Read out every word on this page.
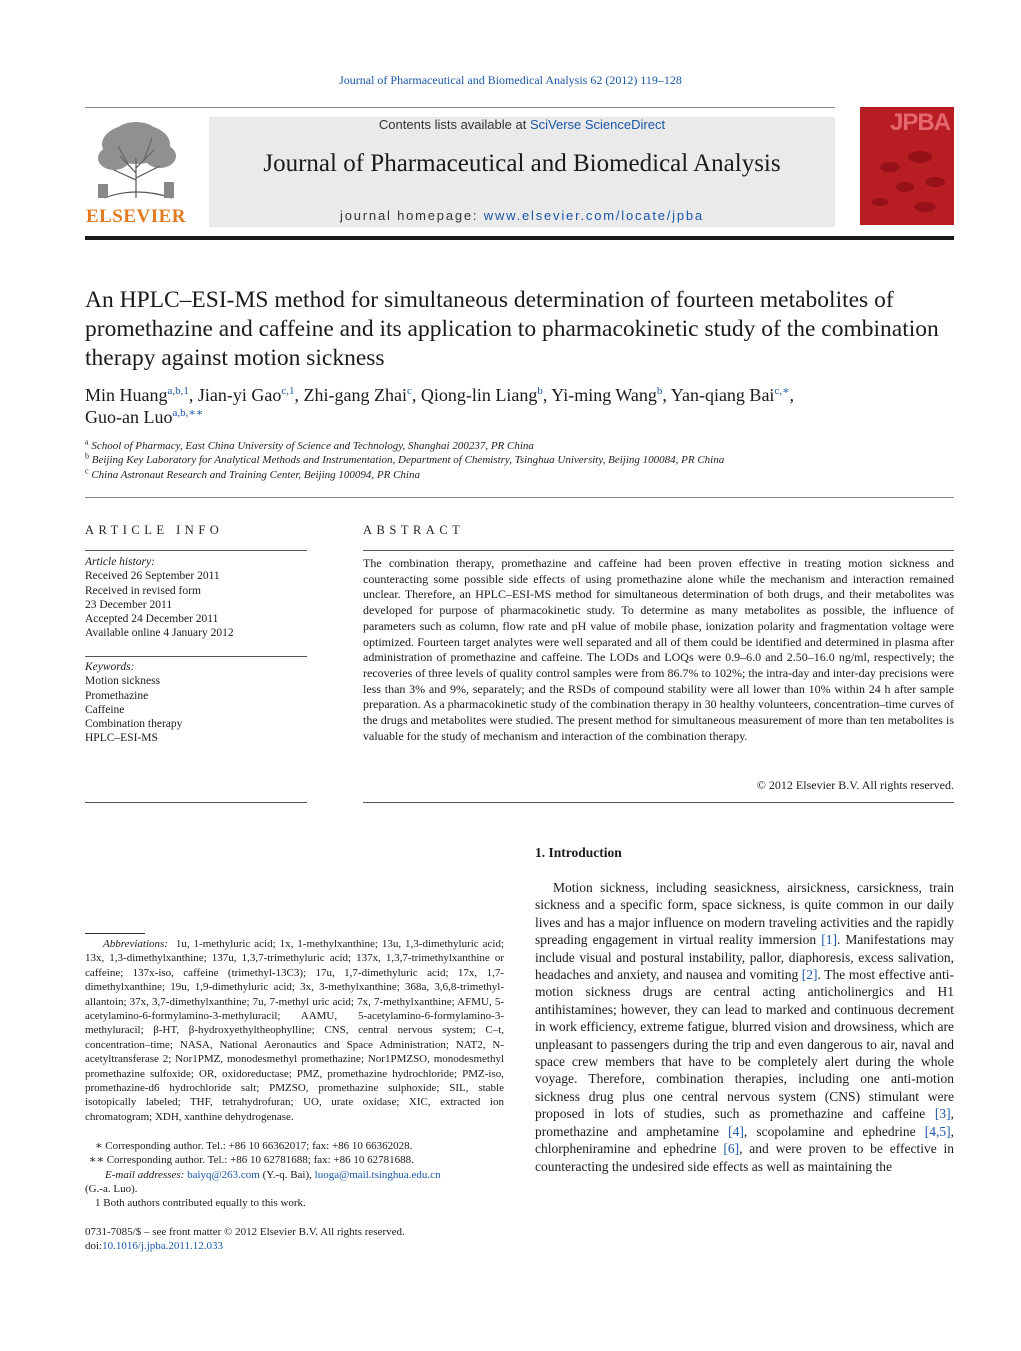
Journal of Pharmaceutical and Biomedical Analysis 62 (2012) 119–128
ELSEVIER
Contents lists available at SciVerse ScienceDirect
Journal of Pharmaceutical and Biomedical Analysis
journal homepage: www.elsevier.com/locate/jpba
JPBA
An HPLC–ESI-MS method for simultaneous determination of fourteen metabolites of promethazine and caffeine and its application to pharmacokinetic study of the combination therapy against motion sickness
Min Huang$^{a,b,1}$, Jian-yi Gao$^{c,1}$, Zhi-gang Zhai$^c$, Qiong-lin Liang$^b$, Yi-ming Wang$^b$, Yan-qiang Bai$^{c,∗}$,
Guo-an Luo$^{a,b,∗∗}$
$^a$ School of Pharmacy, East China University of Science and Technology, Shanghai 200237, PR China
$^b$ Beijing Key Laboratory for Analytical Methods and Instrumentation, Department of Chemistry, Tsinghua University, Beijing 100084, PR China
$^c$ China Astronaut Research and Training Center, Beijing 100094, PR China
ARTICLE INFO
Article history:
Received 26 September 2011
Received in revised form
23 December 2011
Accepted 24 December 2011
Available online 4 January 2012
Keywords:
Motion sickness
Promethazine
Caffeine
Combination therapy
HPLC–ESI-MS
ABSTRACT
The combination therapy, promethazine and caffeine had been proven effective in treating motion sickness and counteracting some possible side effects of using promethazine alone while the mechanism and interaction remained unclear. Therefore, an HPLC–ESI-MS method for simultaneous determination of both drugs, and their metabolites was developed for purpose of pharmacokinetic study. To determine as many metabolites as possible, the influence of parameters such as column, flow rate and pH value of mobile phase, ionization polarity and fragmentation voltage were optimized. Fourteen target analytes were well separated and all of them could be identified and determined in plasma after administration of promethazine and caffeine. The LODs and LOQs were 0.9–6.0 and 2.50–16.0 ng/ml, respectively; the recoveries of three levels of quality control samples were from 86.7% to 102%; the intra-day and inter-day precisions were less than 3% and 9%, separately; and the RSDs of compound stability were all lower than 10% within 24 h after sample preparation. As a pharmacokinetic study of the combination therapy in 30 healthy volunteers, concentration–time curves of the drugs and metabolites were studied. The present method for simultaneous measurement of more than ten metabolites is valuable for the study of mechanism and interaction of the combination therapy.
© 2012 Elsevier B.V. All rights reserved.
1. Introduction
Motion sickness, including seasickness, airsickness, carsickness, train sickness and a specific form, space sickness, is quite common in our daily lives and has a major influence on modern traveling activities and the rapidly spreading engagement in virtual reality immersion [1]. Manifestations may include visual and postural instability, pallor, diaphoresis, excess salivation, headaches and anxiety, and nausea and vomiting [2]. The most effective anti-motion sickness drugs are central acting anticholinergics and H1 antihistamines; however, they can lead to marked and continuous decrement in work efficiency, extreme fatigue, blurred vision and drowsiness, which are unpleasant to passengers during the trip and even dangerous to air, naval and space crew members that have to be completely alert during the whole voyage. Therefore, combination therapies, including one anti-motion sickness drug plus one central nervous system (CNS) stimulant were proposed in lots of studies, such as promethazine and caffeine [3], promethazine and amphetamine [4], scopolamine and ephedrine [4,5], chlorpheniramine and ephedrine [6], and were proven to be effective in counteracting the undesired side effects as well as maintaining the
Abbreviations: 1u, 1-methyluric acid; 1x, 1-methylxanthine; 13u, 1,3-dimethyluric acid; 13x, 1,3-dimethylxanthine; 137u, 1,3,7-trimethyluric acid; 137x, 1,3,7-trimethylxanthine or caffeine; 137x-iso, caffeine (trimethyl-13C3); 17u, 1,7-dimethyluric acid; 17x, 1,7-dimethylxanthine; 19u, 1,9-dimethyluric acid; 3x, 3-methylxanthine; 368a, 3,6,8-trimethyl-allantoin; 37x, 3,7-dimethylxanthine; 7u, 7-methyl uric acid; 7x, 7-methylxanthine; AFMU, 5-acetylamino-6-formylamino-3-methyluracil; AAMU, 5-acetylamino-6-formylamino-3-methyluracil; β-HT, β-hydroxyethyltheophylline; CNS, central nervous system; C–t, concentration–time; NASA, National Aeronautics and Space Administration; NAT2, N-acetyltransferase 2; Nor1PMZ, monodesmethyl promethazine; Nor1PMZSO, monodesmethyl promethazine sulfoxide; OR, oxidoreductase; PMZ, promethazine hydrochloride; PMZ-iso, promethazine-d6 hydrochloride salt; PMZSO, promethazine sulphoxide; SIL, stable isotopically labeled; THF, tetrahydrofuran; UO, urate oxidase; XIC, extracted ion chromatogram; XDH, xanthine dehydrogenase.
∗ Corresponding author. Tel.: +86 10 66362017; fax: +86 10 66362028.
∗∗ Corresponding author. Tel.: +86 10 62781688; fax: +86 10 62781688.
E-mail addresses: baiyq@263.com (Y.-q. Bai), luoga@mail.tsinghua.edu.cn
(G.-a. Luo).
1 Both authors contributed equally to this work.
0731-7085/$ – see front matter © 2012 Elsevier B.V. All rights reserved.
doi:10.1016/j.jpba.2011.12.033
